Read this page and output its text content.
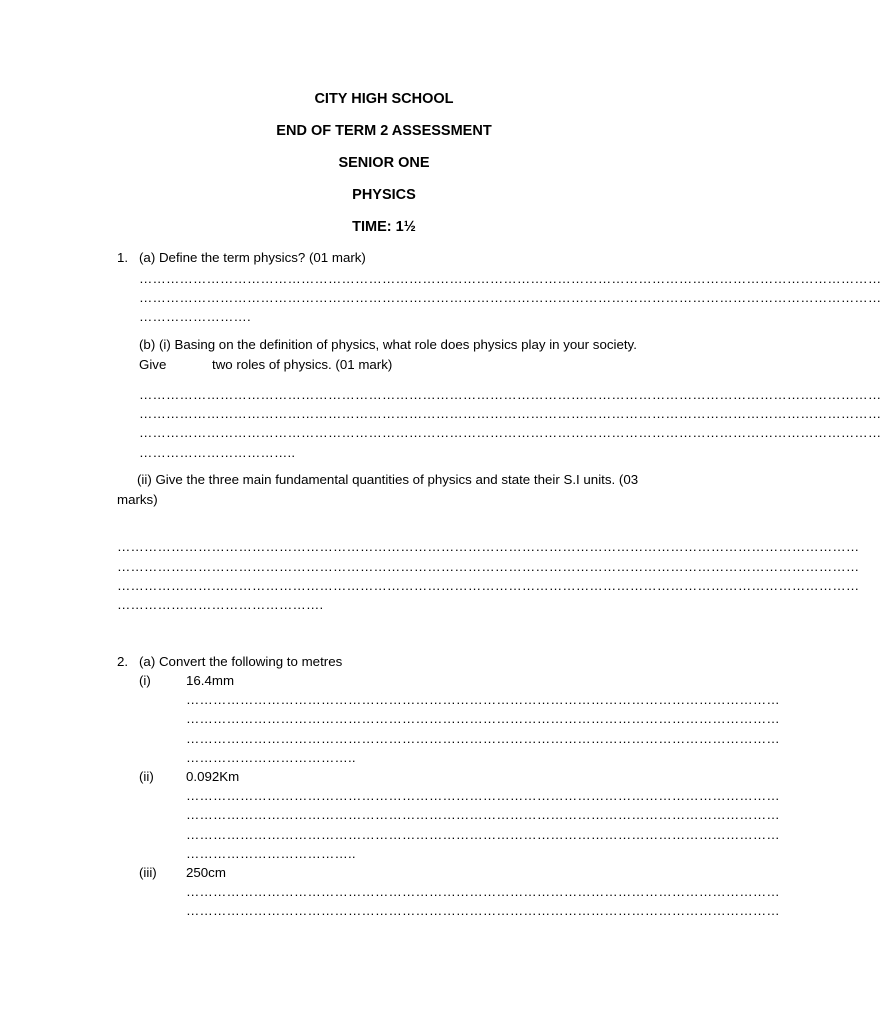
CITY HIGH SCHOOL
END OF TERM 2 ASSESSMENT
SENIOR ONE
PHYSICS
TIME: 1½
1. (a) Define the term physics? (01 mark)
…………………………………………………………………………………………………………………………………………………
…………………………………………………………………………………………………………………………………………………
…………………….
(b) (i) Basing on the definition of physics, what role does physics play in your society.
Give	two roles of physics. (01 mark)
…………………………………………………………………………………………………………………………………………………
…………………………………………………………………………………………………………………………………………………
…………………………………………………………………………………………………………………………………………………
……………………………..
(ii) Give the three main fundamental quantities of physics and state their S.I units. (03
marks)
…………………………………………………………………………………………………………………………………………………
…………………………………………………………………………………………………………………………………………………
…………………………………………………………………………………………………………………………………………………
……………………………………….
2. (a) Convert the following to metres
(i)	16.4mm
……………………………………………………………………………………………………………………
……………………………………………………………………………………………………………………
……………………………………………………………………………………………………………………
………………………………..
(ii) 0.092Km
……………………………………………………………………………………………………………………
……………………………………………………………………………………………………………………
……………………………………………………………………………………………………………………
………………………………..
(iii) 250cm
……………………………………………………………………………………………………………………
……………………………………………………………………………………………………………………
